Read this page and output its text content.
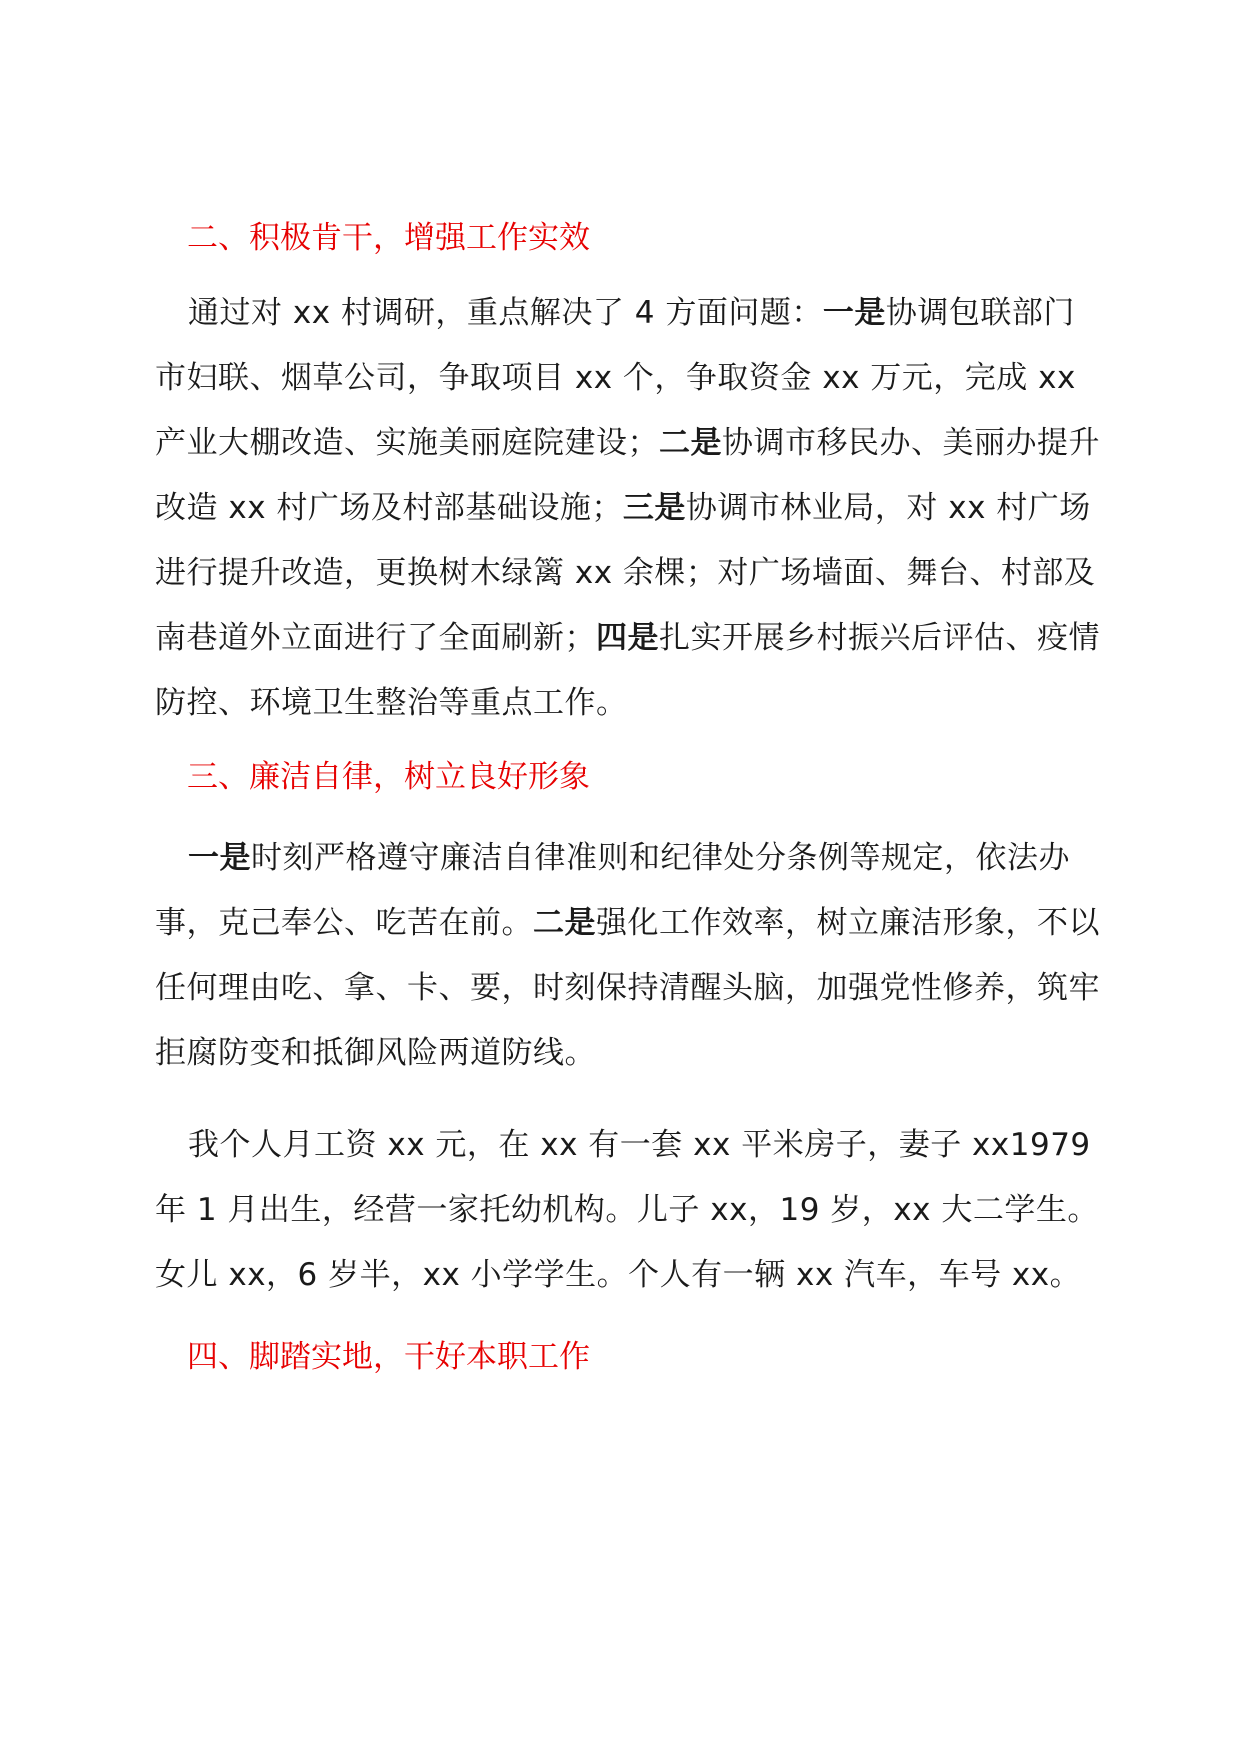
二、积极肯干，增强工作实效

通过对 xx 村调研，重点解决了 4 方面问题：一是协调包联部门市妇联、烟草公司，争取项目 xx 个，争取资金 xx 万元，完成 xx 产业大棚改造、实施美丽庭院建设；二是协调市移民办、美丽办提升改造 xx 村广场及村部基础设施；三是协调市林业局，对 xx 村广场进行提升改造，更换树木绿篱 xx 余棵；对广场墙面、舞台、村部及南巷道外立面进行了全面刷新；四是扎实开展乡村振兴后评估、疫情防控、环境卫生整治等重点工作。

三、廉洁自律，树立良好形象

一是时刻严格遵守廉洁自律准则和纪律处分条例等规定，依法办事，克己奉公、吃苦在前。二是强化工作效率，树立廉洁形象，不以任何理由吃、拿、卡、要，时刻保持清醒头脑，加强党性修养，筑牢拒腐防变和抵御风险两道防线。

我个人月工资 xx 元，在 xx 有一套 xx 平米房子，妻子 xx1979 年 1 月出生，经营一家托幼机构。儿子 xx，19 岁，xx 大二学生。女儿 xx，6 岁半，xx 小学学生。个人有一辆 xx 汽车，车号 xx。

四、脚踏实地，干好本职工作
